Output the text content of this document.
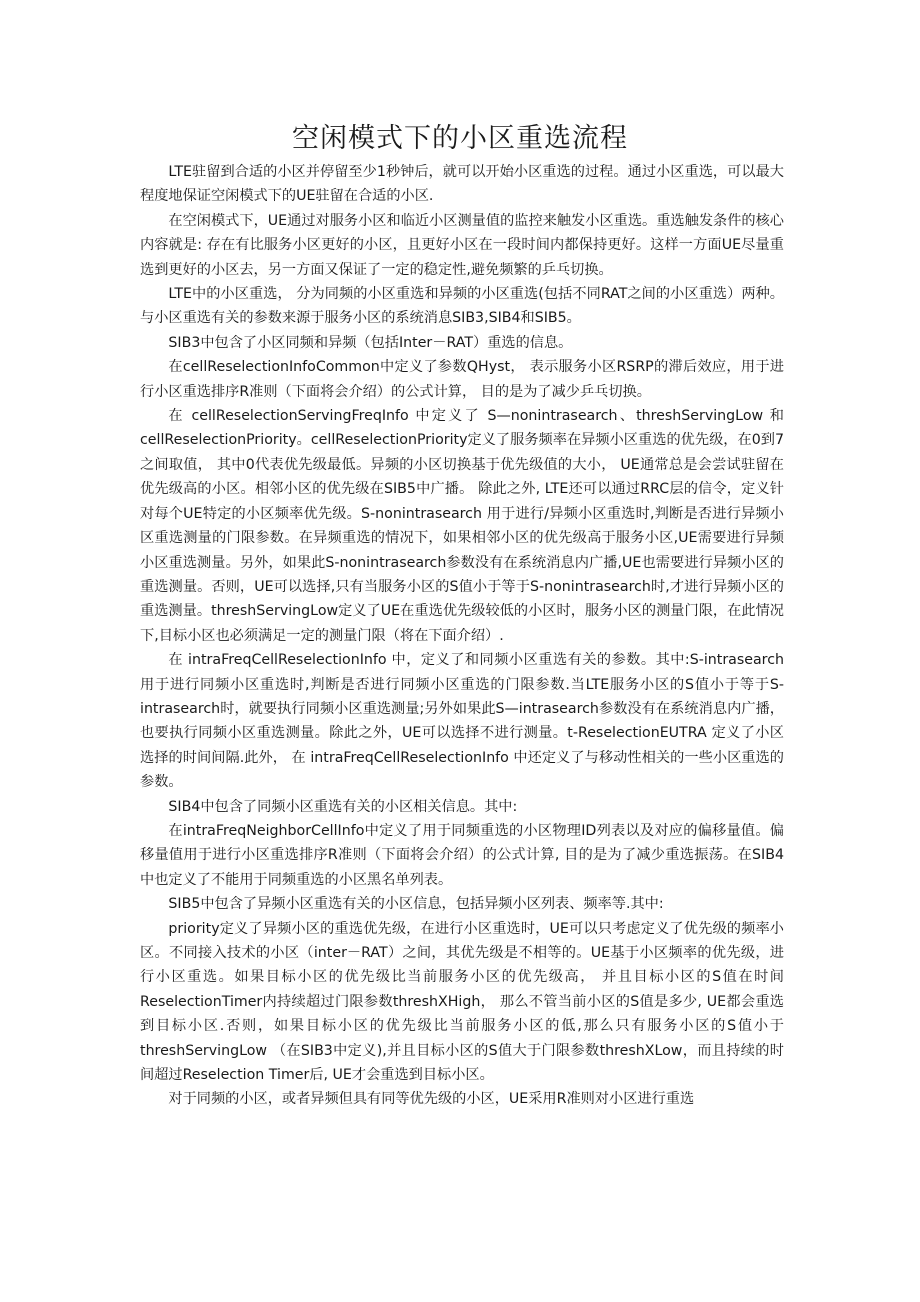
空闲模式下的小区重选流程

LTE驻留到合适的小区并停留至少1秒钟后，就可以开始小区重选的过程。通过小区重选，可以最大程度地保证空闲模式下的UE驻留在合适的小区.

在空闲模式下，UE通过对服务小区和临近小区测量值的监控来触发小区重选。重选触发条件的核心内容就是: 存在有比服务小区更好的小区，且更好小区在一段时间内都保持更好。这样一方面UE尽量重选到更好的小区去，另一方面又保证了一定的稳定性,避免频繁的乒乓切换。

LTE中的小区重选， 分为同频的小区重选和异频的小区重选(包括不同RAT之间的小区重选）两种。与小区重选有关的参数来源于服务小区的系统消息SIB3,SIB4和SIB5。

SIB3中包含了小区同频和异频（包括Inter－RAT）重选的信息。

在cellReselectionInfoCommon中定义了参数QHyst， 表示服务小区RSRP的滞后效应，用于进行小区重选排序R准则（下面将会介绍）的公式计算， 目的是为了减少乒乓切换。

在 cellReselectionServingFreqInfo 中定义了 S—nonintrasearch、threshServingLow 和 cellReselectionPriority。cellReselectionPriority定义了服务频率在异频小区重选的优先级，在0到7之间取值， 其中0代表优先级最低。异频的小区切换基于优先级值的大小， UE通常总是会尝试驻留在优先级高的小区。相邻小区的优先级在SIB5中广播。 除此之外, LTE还可以通过RRC层的信令，定义针对每个UE特定的小区频率优先级。S-nonintrasearch 用于进行/异频小区重选时,判断是否进行异频小区重选测量的门限参数。在异频重选的情况下，如果相邻小区的优先级高于服务小区,UE需要进行异频小区重选测量。另外，如果此S-nonintrasearch参数没有在系统消息内广播,UE也需要进行异频小区的重选测量。否则，UE可以选择,只有当服务小区的S值小于等于S-nonintrasearch时,才进行异频小区的重选测量。threshServingLow定义了UE在重选优先级较低的小区时，服务小区的测量门限，在此情况下,目标小区也必须满足一定的测量门限（将在下面介绍）.

在 intraFreqCellReselectionInfo 中，定义了和同频小区重选有关的参数。其中:S-intrasearch用于进行同频小区重选时,判断是否进行同频小区重选的门限参数.当LTE服务小区的S值小于等于S-intrasearch时，就要执行同频小区重选测量;另外如果此S—intrasearch参数没有在系统消息内广播，也要执行同频小区重选测量。除此之外，UE可以选择不进行测量。t-ReselectionEUTRA 定义了小区选择的时间间隔.此外， 在 intraFreqCellReselectionInfo 中还定义了与移动性相关的一些小区重选的参数。

SIB4中包含了同频小区重选有关的小区相关信息。其中:

在intraFreqNeighborCellInfo中定义了用于同频重选的小区物理ID列表以及对应的偏移量值。偏移量值用于进行小区重选排序R准则（下面将会介绍）的公式计算, 目的是为了减少重选振荡。在SIB4中也定义了不能用于同频重选的小区黑名单列表。

SIB5中包含了异频小区重选有关的小区信息，包括异频小区列表、频率等.其中:

priority定义了异频小区的重选优先级，在进行小区重选时，UE可以只考虑定义了优先级的频率小区。不同接入技术的小区（inter－RAT）之间，其优先级是不相等的。UE基于小区频率的优先级，进行小区重选。如果目标小区的优先级比当前服务小区的优先级高， 并且目标小区的S值在时间ReselectionTimer内持续超过门限参数threshXHigh， 那么不管当前小区的S值是多少, UE都会重选到目标小区.否则，如果目标小区的优先级比当前服务小区的低,那么只有服务小区的S值小于threshServingLow （在SIB3中定义),并且目标小区的S值大于门限参数threshXLow，而且持续的时间超过Reselection Timer后, UE才会重选到目标小区。

对于同频的小区，或者异频但具有同等优先级的小区，UE采用R准则对小区进行重选
